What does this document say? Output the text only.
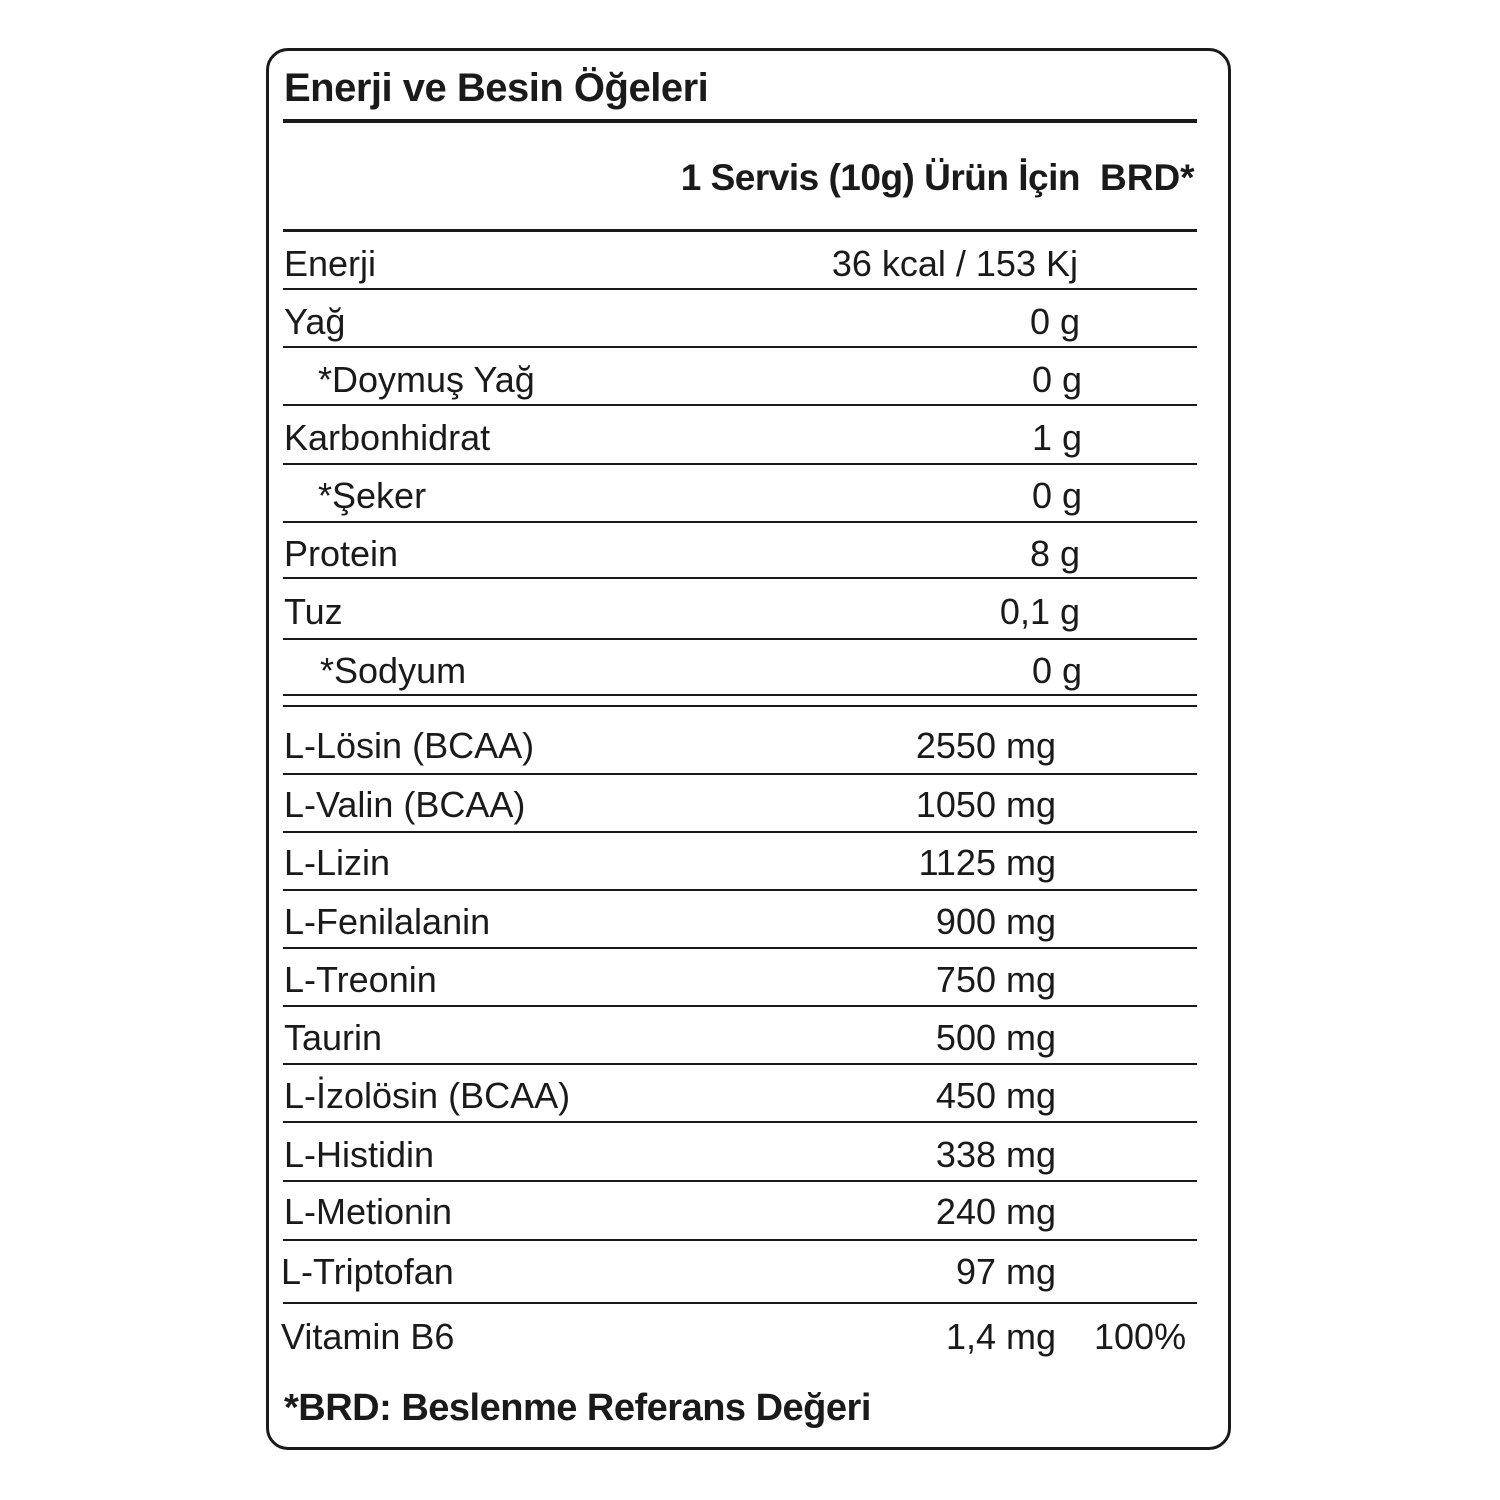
Enerji ve Besin Öğeleri
1 Servis (10g) Ürün İçin BRD*
Enerji	36 kcal / 153 Kj
Yağ	0 g
*Doymuş Yağ	0 g
Karbonhidrat	1 g
*Şeker	0 g
Protein	8 g
Tuz	0,1 g
*Sodyum	0 g
L-Lösin (BCAA)	2550 mg
L-Valin (BCAA)	1050 mg
L-Lizin	1125 mg
L-Fenilalanin	900 mg
L-Treonin	750 mg
Taurin	500 mg
L-İzolösin (BCAA)	450 mg
L-Histidin	338 mg
L-Metionin	240 mg
L-Triptofan	97 mg
Vitamin B6	1,4 mg 100%
*BRD: Beslenme Referans Değeri
